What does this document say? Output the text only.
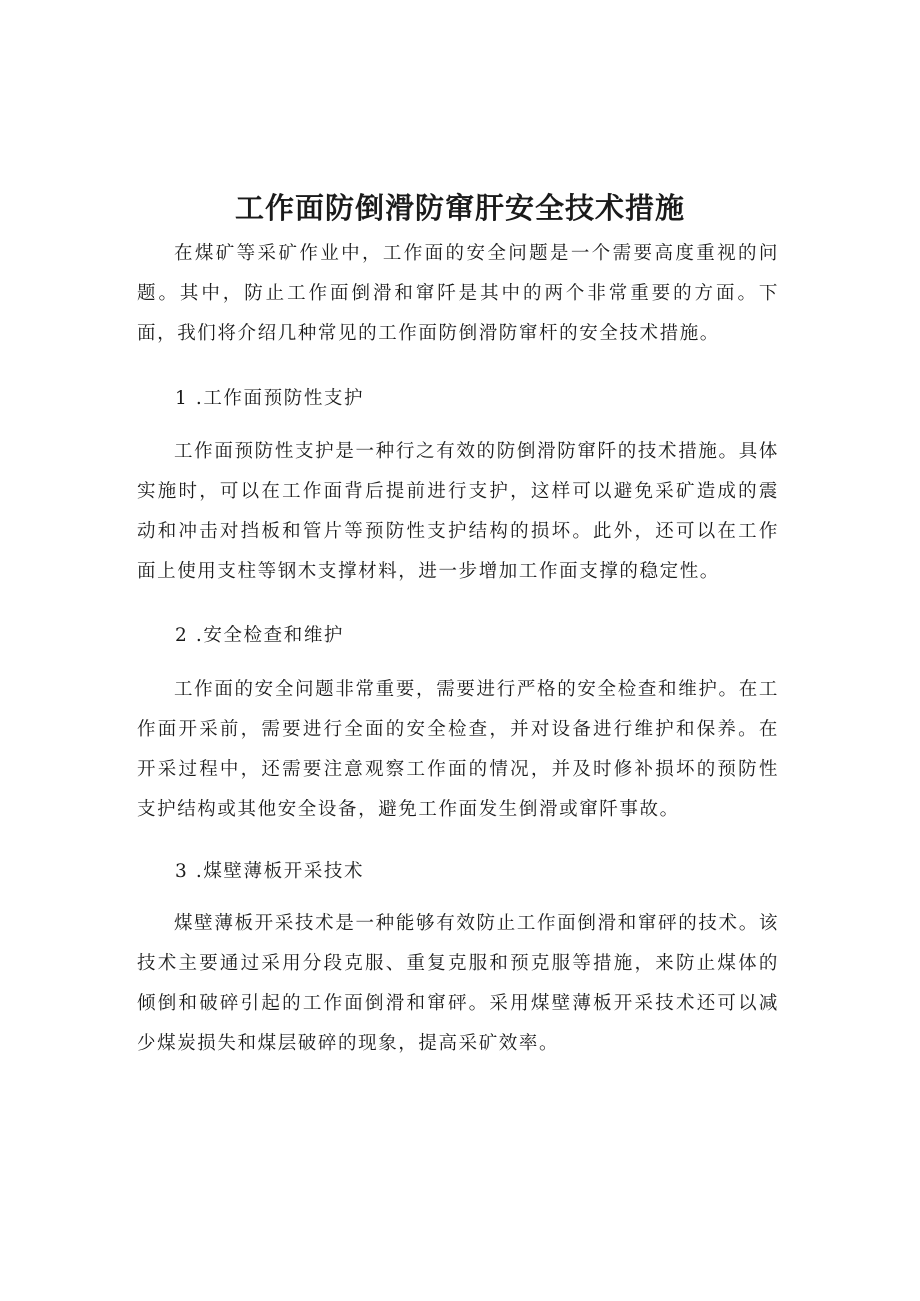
工作面防倒滑防窜肝安全技术措施

在煤矿等采矿作业中，工作面的安全问题是一个需要高度重视的问题。其中，防止工作面倒滑和窜阡是其中的两个非常重要的方面。下面，我们将介绍几种常见的工作面防倒滑防窜杆的安全技术措施。

1 .工作面预防性支护

工作面预防性支护是一种行之有效的防倒滑防窜阡的技术措施。具体实施时，可以在工作面背后提前进行支护，这样可以避免采矿造成的震动和冲击对挡板和管片等预防性支护结构的损坏。此外，还可以在工作面上使用支柱等钢木支撑材料，进一步增加工作面支撑的稳定性。

2 .安全检查和维护

工作面的安全问题非常重要，需要进行严格的安全检查和维护。在工作面开采前，需要进行全面的安全检查，并对设备进行维护和保养。在开采过程中，还需要注意观察工作面的情况，并及时修补损坏的预防性支护结构或其他安全设备，避免工作面发生倒滑或窜阡事故。

3 .煤壁薄板开采技术

煤壁薄板开采技术是一种能够有效防止工作面倒滑和窜砰的技术。该技术主要通过采用分段克服、重复克服和预克服等措施，来防止煤体的倾倒和破碎引起的工作面倒滑和窜砰。采用煤壁薄板开采技术还可以减少煤炭损失和煤层破碎的现象，提高采矿效率。
